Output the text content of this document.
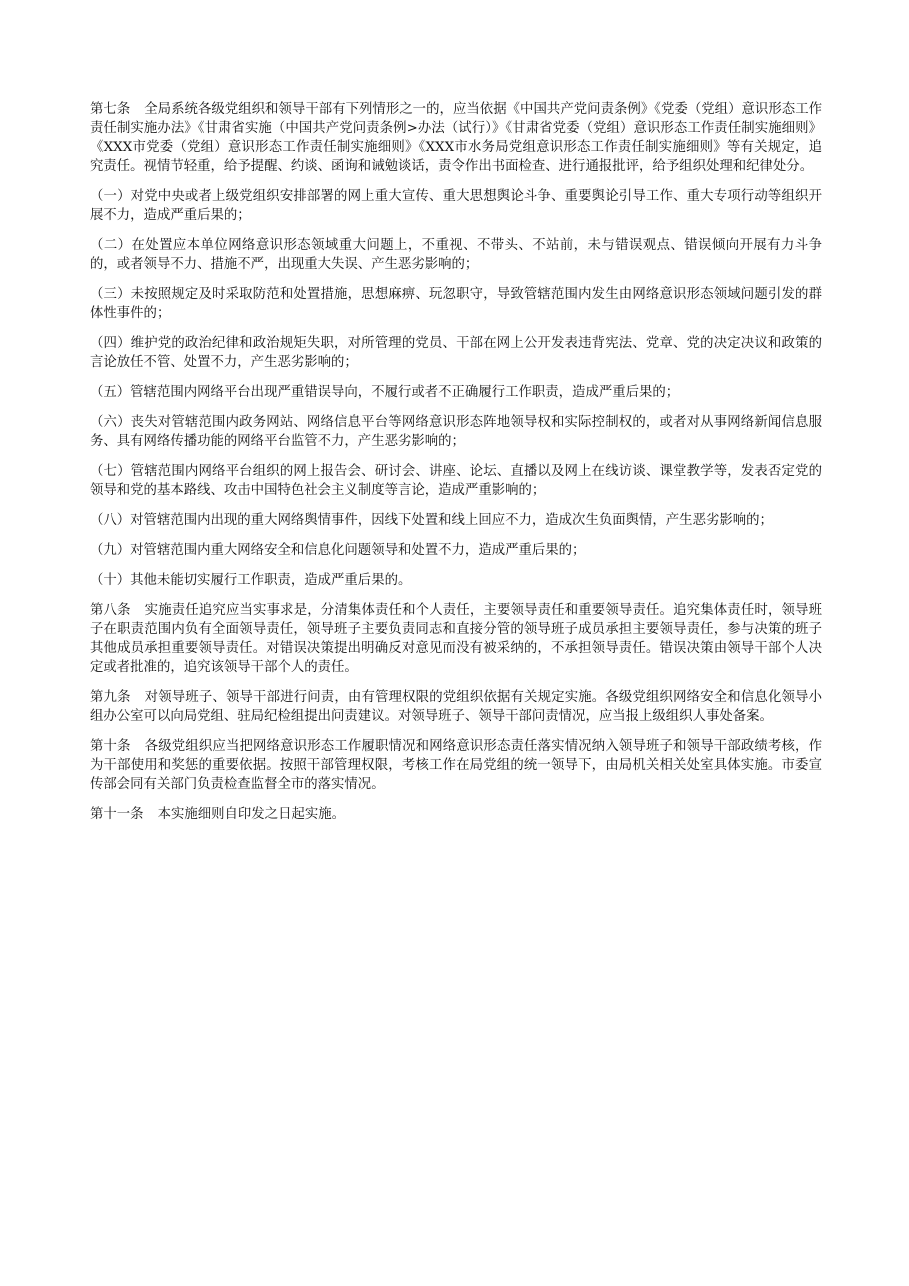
第七条 全局系统各级党组织和领导干部有下列情形之一的，应当依据《中国共产党问责条例》《党委（党组）意识形态工作责任制实施办法》《甘肃省实施（中国共产党问责条例>办法（试行）》《甘肃省党委（党组）意识形态工作责任制实施细则》《XXX市党委（党组）意识形态工作责任制实施细则》《XXX市水务局党组意识形态工作责任制实施细则》等有关规定，追究责任。视情节轻重，给予提醒、约谈、函询和诫勉谈话，责令作出书面检查、进行通报批评，给予组织处理和纪律处分。

（一）对党中央或者上级党组织安排部署的网上重大宣传、重大思想舆论斗争、重要舆论引导工作、重大专项行动等组织开展不力，造成严重后果的；

（二）在处置应本单位网络意识形态领域重大问题上，不重视、不带头、不站前，未与错误观点、错误倾向开展有力斗争的，或者领导不力、措施不严，出现重大失误、产生恶劣影响的；

（三）未按照规定及时采取防范和处置措施，思想麻痹、玩忽职守，导致管辖范围内发生由网络意识形态领域问题引发的群体性事件的；

（四）维护党的政治纪律和政治规矩失职，对所管理的党员、干部在网上公开发表违背宪法、党章、党的决定决议和政策的言论放任不管、处置不力，产生恶劣影响的；

（五）管辖范围内网络平台出现严重错误导向，不履行或者不正确履行工作职责，造成严重后果的；

（六）丧失对管辖范围内政务网站、网络信息平台等网络意识形态阵地领导权和实际控制权的，或者对从事网络新闻信息服务、具有网络传播功能的网络平台监管不力，产生恶劣影响的；

（七）管辖范围内网络平台组织的网上报告会、研讨会、讲座、论坛、直播以及网上在线访谈、课堂教学等，发表否定党的领导和党的基本路线、攻击中国特色社会主义制度等言论，造成严重影响的；

（八）对管辖范围内出现的重大网络舆情事件，因线下处置和线上回应不力，造成次生负面舆情，产生恶劣影响的；

（九）对管辖范围内重大网络安全和信息化问题领导和处置不力，造成严重后果的；

（十）其他未能切实履行工作职责，造成严重后果的。

第八条 实施责任追究应当实事求是，分清集体责任和个人责任，主要领导责任和重要领导责任。追究集体责任时，领导班子在职责范围内负有全面领导责任，领导班子主要负责同志和直接分管的领导班子成员承担主要领导责任，参与决策的班子其他成员承担重要领导责任。对错误决策提出明确反对意见而没有被采纳的，不承担领导责任。错误决策由领导干部个人决定或者批准的，追究该领导干部个人的责任。

第九条 对领导班子、领导干部进行问责，由有管理权限的党组织依据有关规定实施。各级党组织网络安全和信息化领导小组办公室可以向局党组、驻局纪检组提出问责建议。对领导班子、领导干部问责情况，应当报上级组织人事处备案。

第十条 各级党组织应当把网络意识形态工作履职情况和网络意识形态责任落实情况纳入领导班子和领导干部政绩考核，作为干部使用和奖惩的重要依据。按照干部管理权限，考核工作在局党组的统一领导下，由局机关相关处室具体实施。市委宣传部会同有关部门负责检查监督全市的落实情况。

第十一条 本实施细则自印发之日起实施。
